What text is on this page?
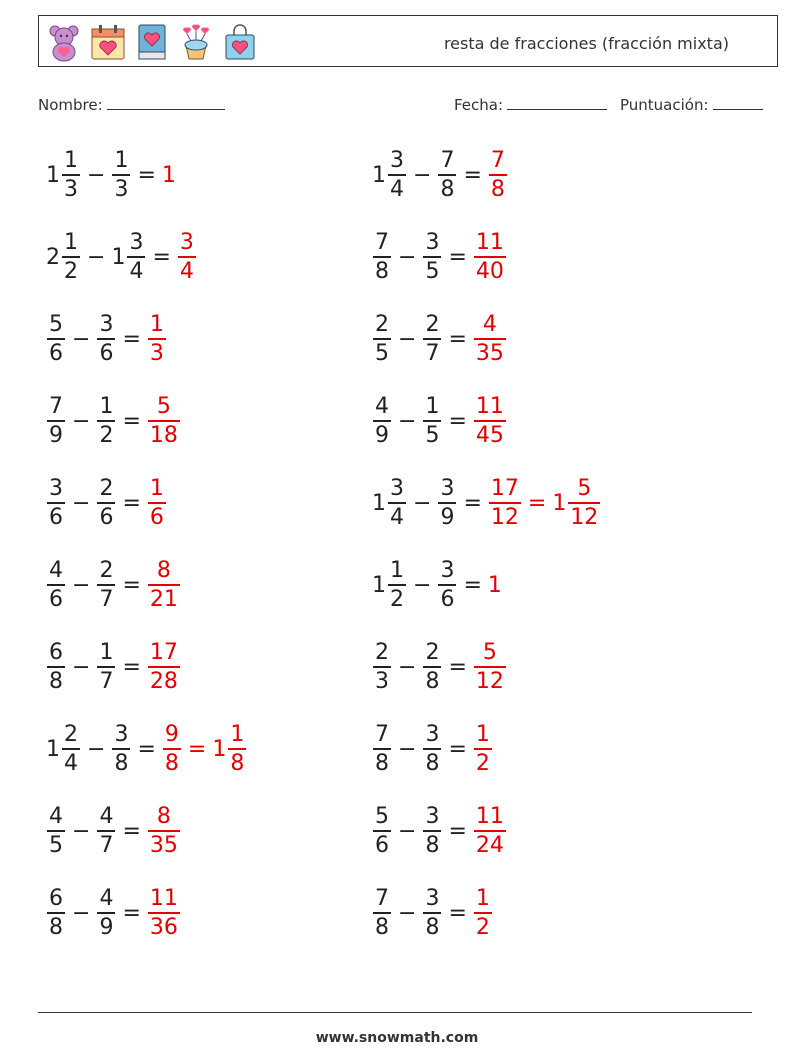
resta de fracciones (fracción mixta)
Nombre:	Fecha:	Puntuación:
$1 \frac{1}{3} - \frac{1}{3} = 1$	$1 \frac{3}{4} - \frac{7}{8} = \frac{7}{8}$
$2 \frac{1}{2} - 1 \frac{3}{4} = \frac{3}{4}$	$\frac{7}{8} - \frac{3}{5} = \frac{11}{40}$
$\frac{5}{6} - \frac{3}{6} = \frac{1}{3}$	$\frac{2}{5} - \frac{2}{7} = \frac{4}{35}$
$\frac{7}{9} - \frac{1}{2} = \frac{5}{18}$	$\frac{4}{9} - \frac{1}{5} = \frac{11}{45}$
$\frac{3}{6} - \frac{2}{6} = \frac{1}{6}$	$1 \frac{3}{4} - \frac{3}{9} = \frac{17}{12} = 1 \frac{5}{12}$
$\frac{4}{6} - \frac{2}{7} = \frac{8}{21}$	$1 \frac{1}{2} - \frac{3}{6} = 1$
$\frac{6}{8} - \frac{1}{7} = \frac{17}{28}$	$\frac{2}{3} - \frac{2}{8} = \frac{5}{12}$
$1 \frac{2}{4} - \frac{3}{8} = \frac{9}{8} = 1 \frac{1}{8}$	$\frac{7}{8} - \frac{3}{8} = \frac{1}{2}$
$\frac{4}{5} - \frac{4}{7} = \frac{8}{35}$	$\frac{5}{6} - \frac{3}{8} = \frac{11}{24}$
$\frac{6}{8} - \frac{4}{9} = \frac{11}{36}$	$\frac{7}{8} - \frac{3}{8} = \frac{1}{2}$
www.snowmath.com
